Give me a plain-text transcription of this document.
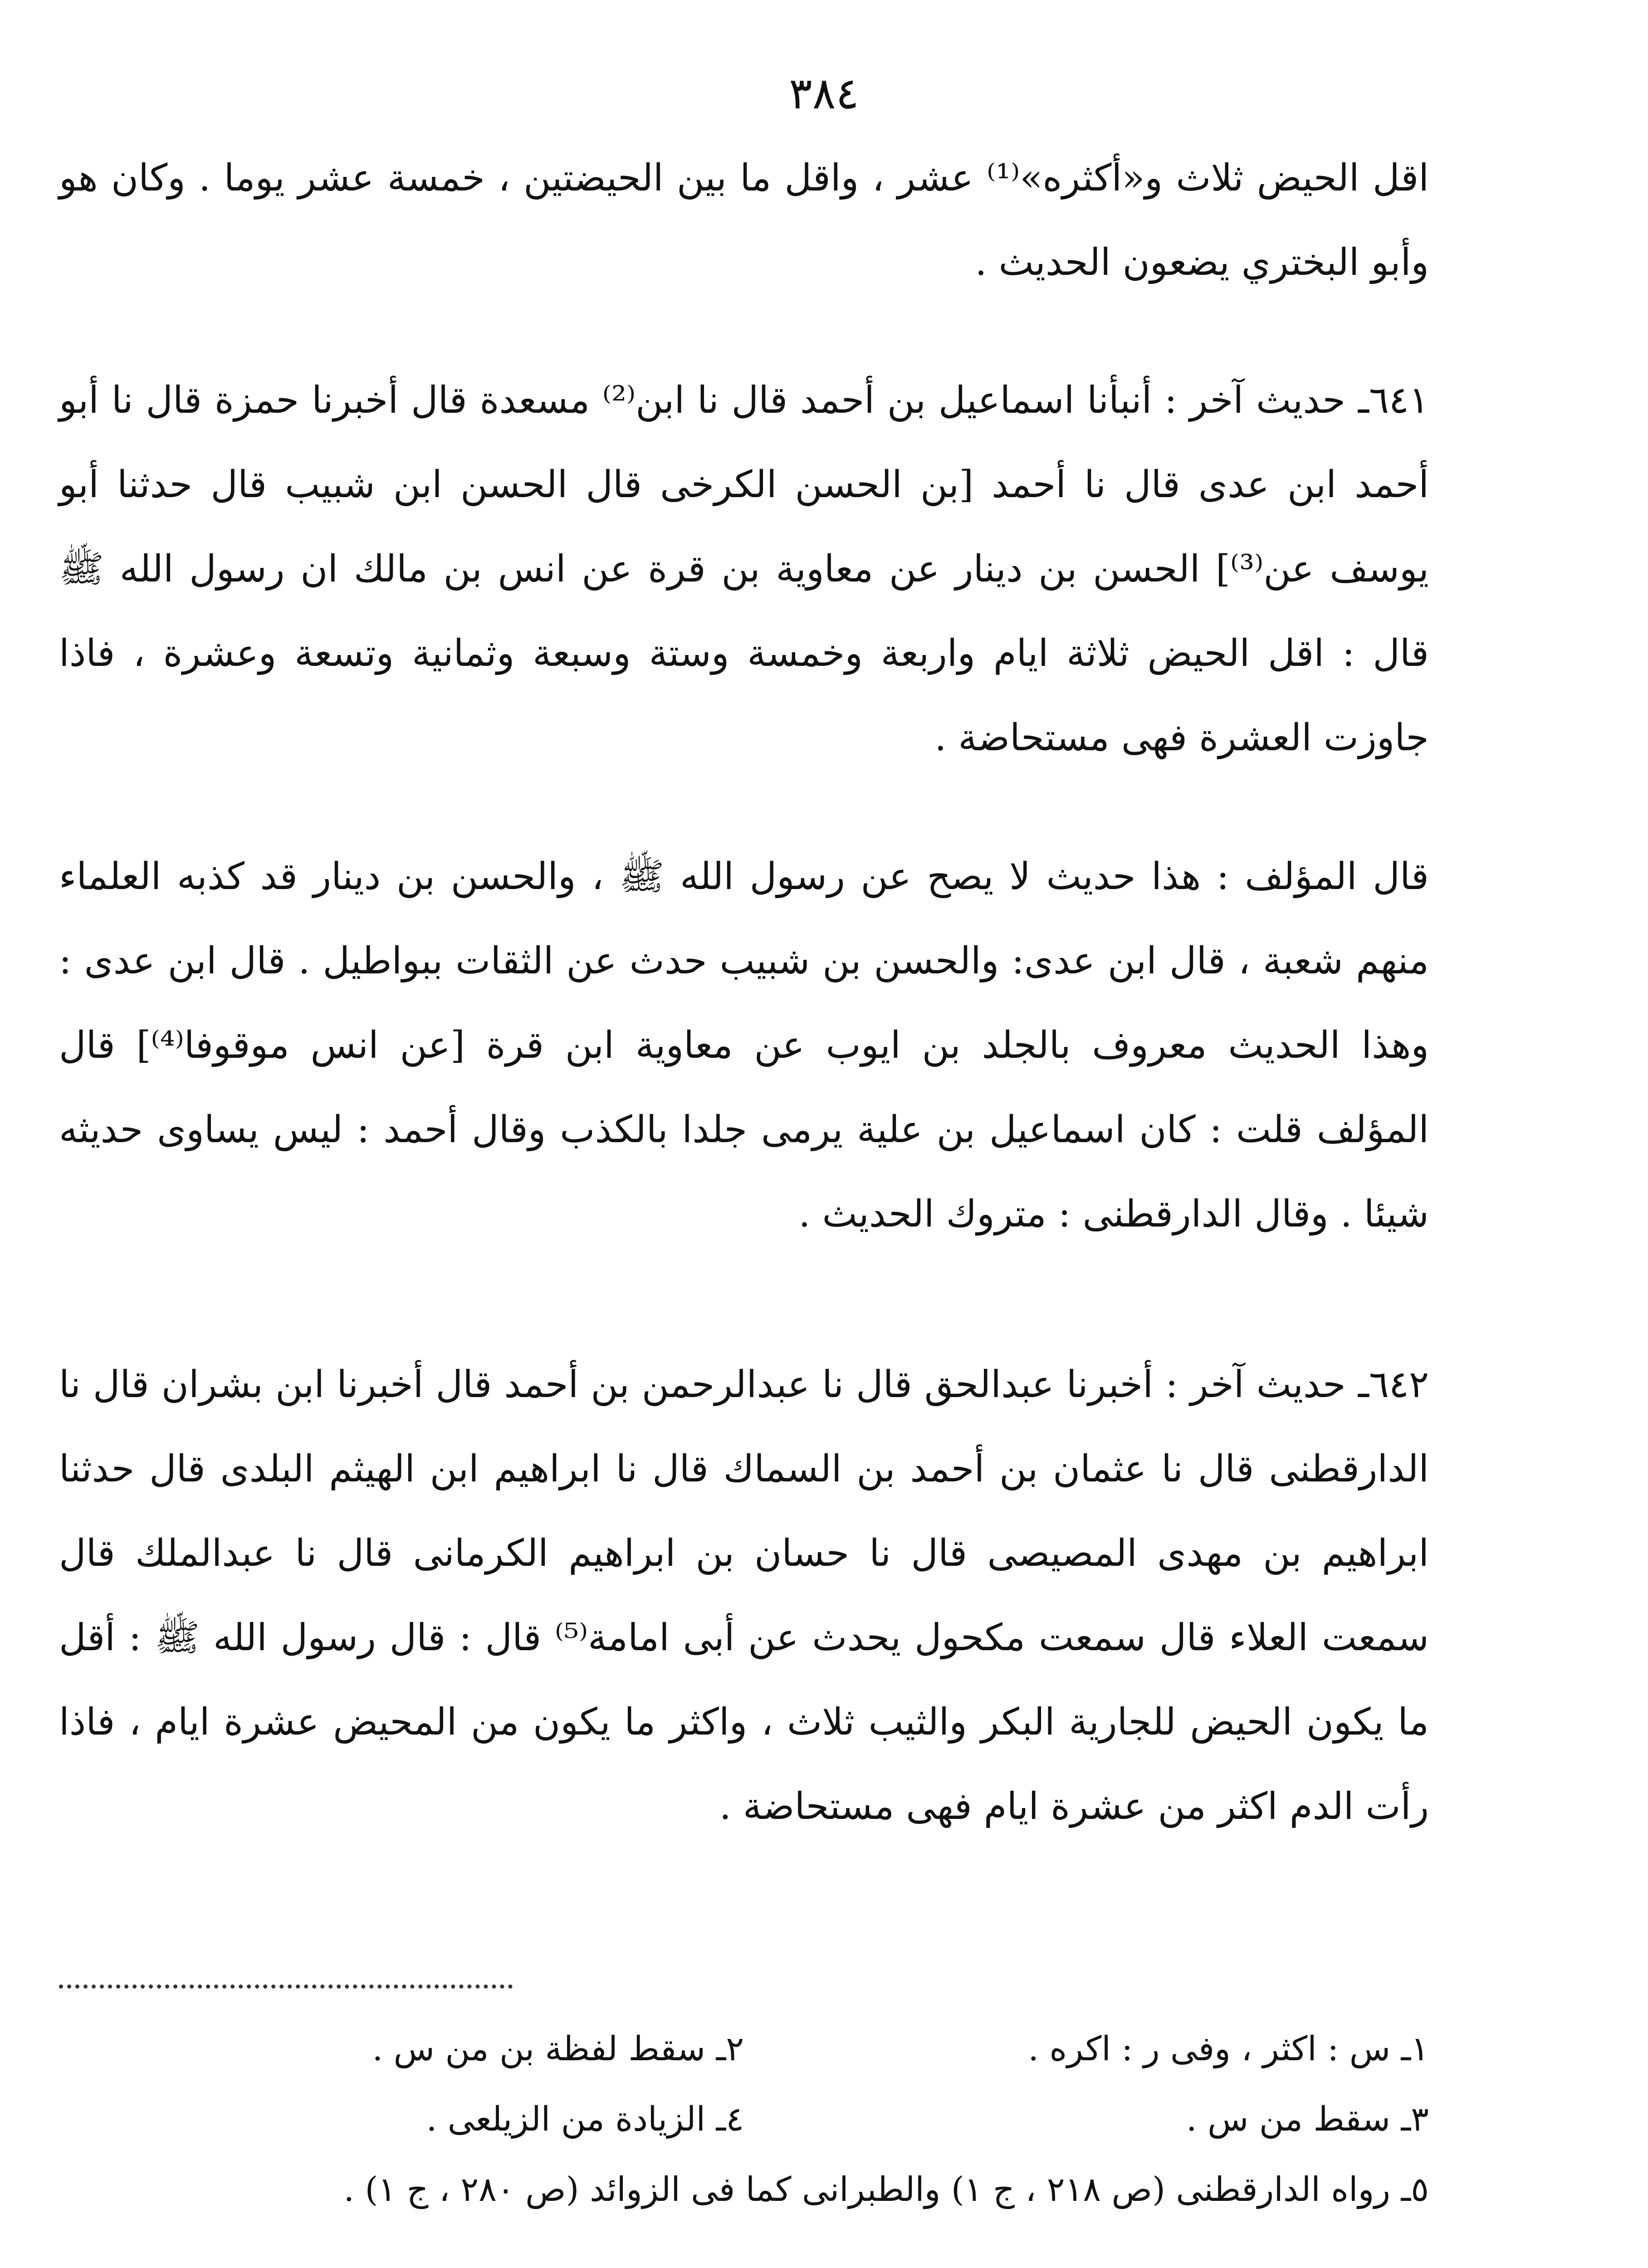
٣٨٤
اقل الحيض ثلاث و«أكثره»⁽¹⁾ عشر ، واقل ما بين الحيضتين ، خمسة عشر يوما . وكان هو وأبو البختري يضعون الحديث .
٦٤١ـ حديث آخر : أنبأنا اسماعيل بن أحمد قال نا ابن⁽²⁾ مسعدة قال أخبرنا حمزة قال نا أبو أحمد ابن عدى قال نا أحمد [بن الحسن الكرخى قال الحسن ابن شبيب قال حدثنا أبو يوسف عن⁽³⁾] الحسن بن دينار عن معاوية بن قرة عن انس بن مالك ان رسول الله ﷺ قال : اقل الحيض ثلاثة ايام واربعة وخمسة وستة وسبعة وثمانية وتسعة وعشرة ، فاذا جاوزت العشرة فهى مستحاضة .
قال المؤلف : هذا حديث لا يصح عن رسول الله ﷺ ، والحسن بن دينار قد كذبه العلماء منهم شعبة ، قال ابن عدى: والحسن بن شبيب حدث عن الثقات ببواطيل . قال ابن عدى : وهذا الحديث معروف بالجلد بن ايوب عن معاوية ابن قرة [عن انس موقوفا⁽⁴⁾] قال المؤلف قلت : كان اسماعيل بن علية يرمى جلدا بالكذب وقال أحمد : ليس يساوى حديثه شيئا . وقال الدارقطنى : متروك الحديث .
٦٤٢ـ حديث آخر : أخبرنا عبدالحق قال نا عبدالرحمن بن أحمد قال أخبرنا ابن بشران قال نا الدارقطنى قال نا عثمان بن أحمد بن السماك قال نا ابراهيم ابن الهيثم البلدى قال حدثنا ابراهيم بن مهدى المصيصى قال نا حسان بن ابراهيم الكرمانى قال نا عبدالملك قال سمعت العلاء قال سمعت مكحول يحدث عن أبى امامة⁽⁵⁾ قال : قال رسول الله ﷺ : أقل ما يكون الحيض للجارية البكر والثيب ثلاث ، واكثر ما يكون من المحيض عشرة ايام ، فاذا رأت الدم اكثر من عشرة ايام فهى مستحاضة .
١ـ س : اكثر ، وفى ر : اكره .
٢ـ سقط لفظة بن من س .
٣ـ سقط من س .
٤ـ الزيادة من الزيلعى .
٥ـ رواه الدارقطنى (ص ٢١٨ ، ج ١) والطبرانى كما فى الزوائد (ص ٢٨٠ ، ج ١) .
